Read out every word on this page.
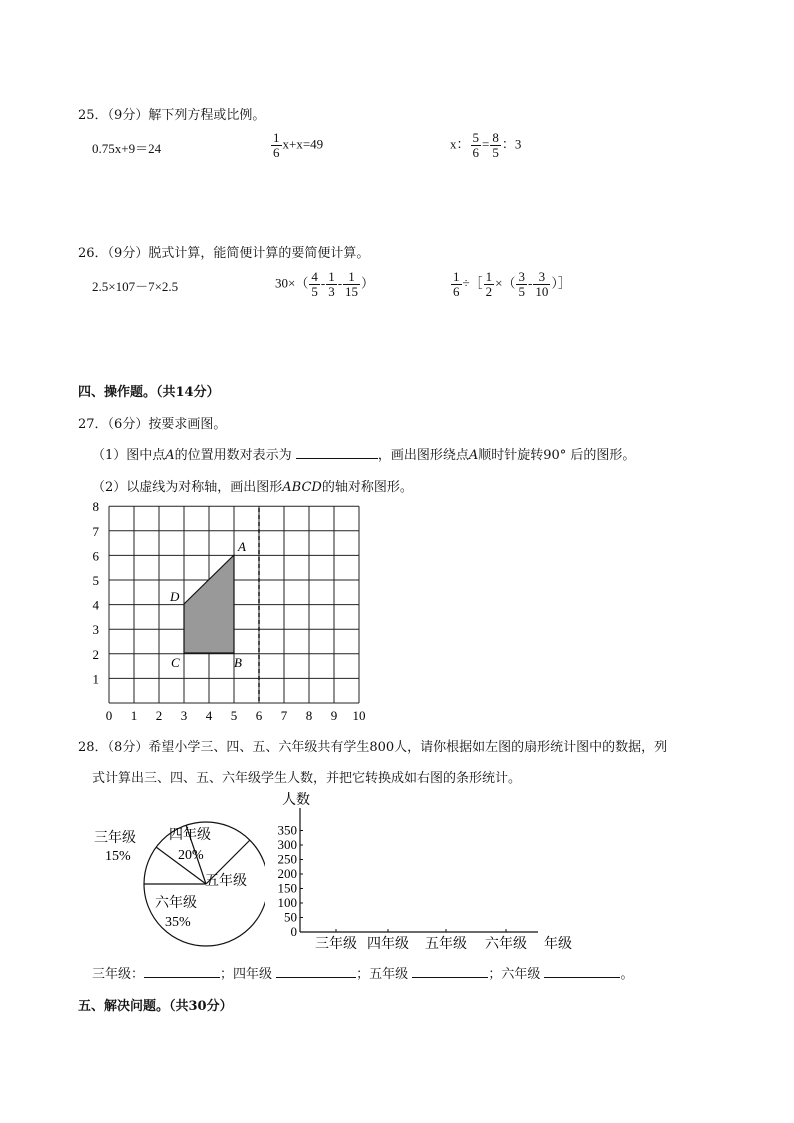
25．（9分）解下列方程或比例。
0.75x+9＝24	$\frac{1}{6} x+x=49$	x： $\frac{5}{6} = \frac{8}{5}$ ：3
26．（9分）脱式计算，能简便计算的要简便计算。
2.5×107－7×2.5	$30\times( \frac{4}{5} - \frac{1}{3} - \frac{1}{15}$ ）	$\frac{1}{6}$ ÷［ $\frac{1}{2}$ ×（ $\frac{3}{5} - \frac{3}{10}$ ）］
四、操作题。（共14分）
27．（6分）按要求画图。
（1）图中点A的位置用数对表示为	，画出图形绕点A顺时针旋转90° 后的图形。
（2）以虚线为对称轴，画出图形ABCD的轴对称图形。
A
B
C
D
0 1 2 3 4 5 6 7 8 9 10
1
2
3
4
5
6
7
8
28．（8分）希望小学三、四、五、六年级共有学生800人，请你根据如左图的扇形统计图中的数据，列
式计算出三、四、五、六年级学生人数，并把它转换成如右图的条形统计。
三年级
15%
四年级
20%
五年级
六年级
35%
人数
0
50
100
150
200
250
300
350
三年级 四年级 五年级 六年级 年级
三年级：	；四年级	；五年级	；六年级	。
五、解决问题。（共30分）
